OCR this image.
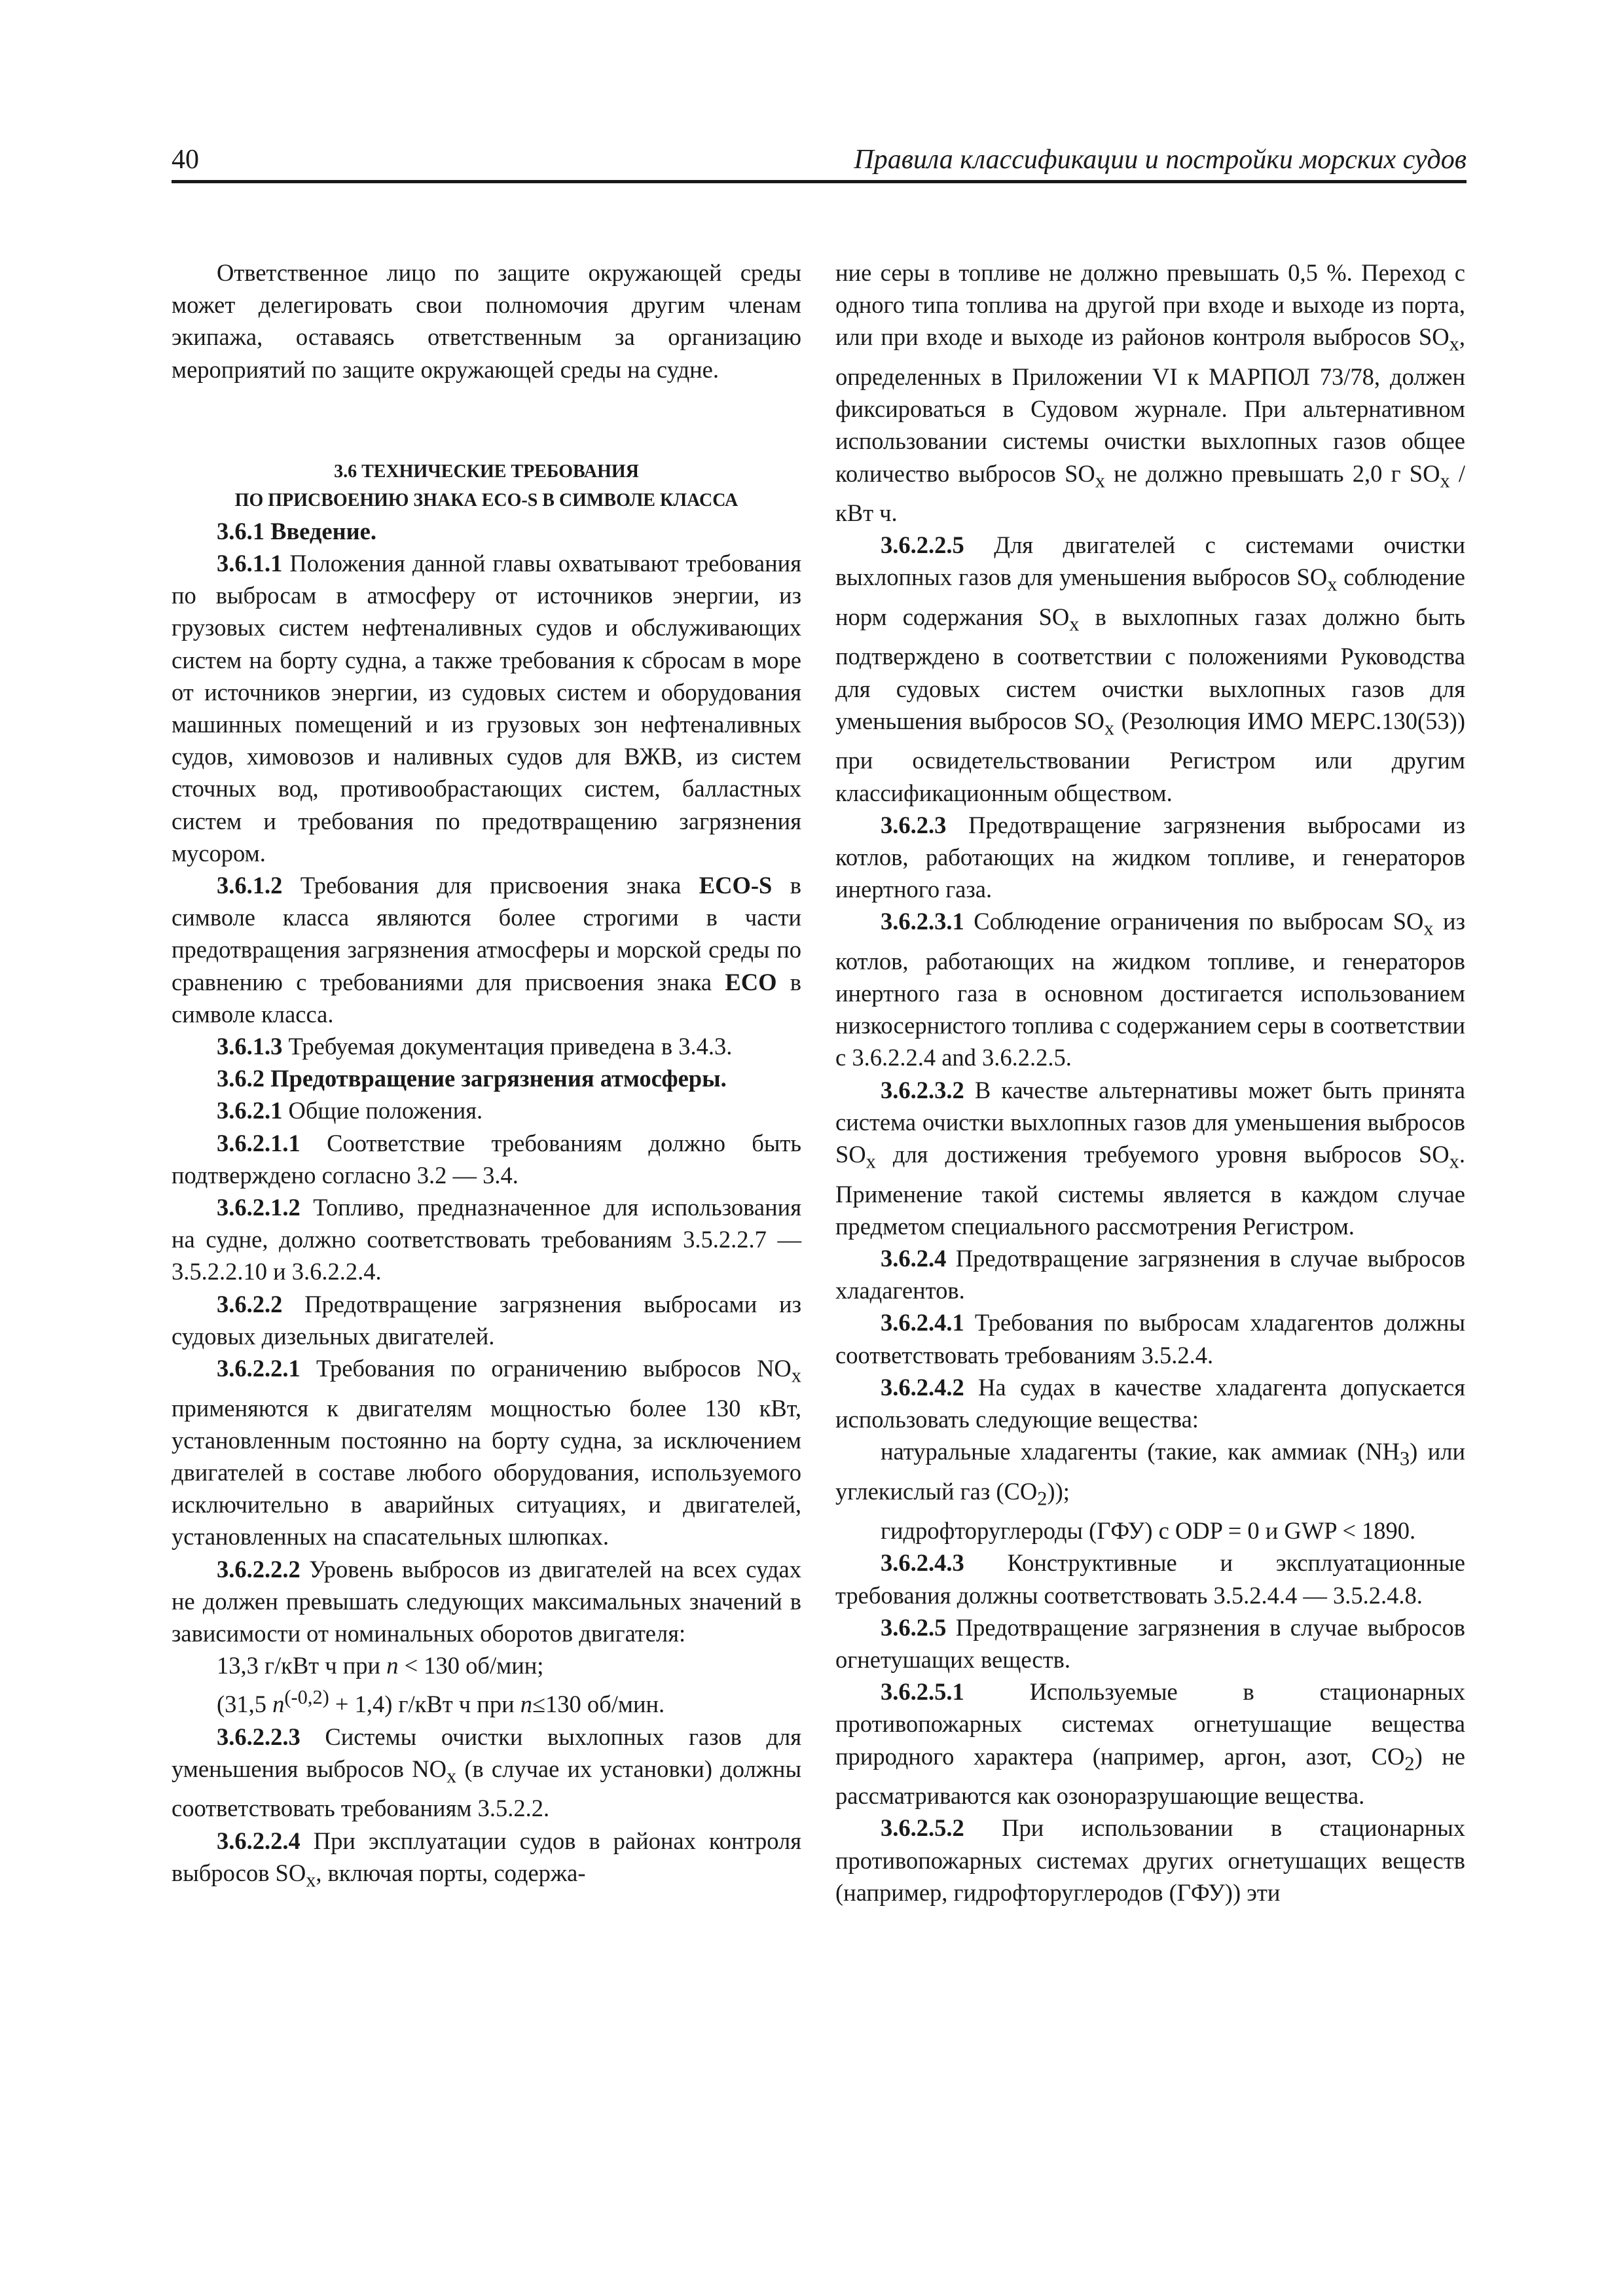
40	Правила классификации и постройки морских судов

Ответственное лицо по защите окружающей среды может делегировать свои полномочия другим членам экипажа, оставаясь ответственным за организацию мероприятий по защите окружающей среды на судне.

3.6 ТЕХНИЧЕСКИЕ ТРЕБОВАНИЯ

ПО ПРИСВОЕНИЮ ЗНАКА ECO-S В СИМВОЛЕ КЛАССА

3.6.1 Введение.

3.6.1.1 Положения данной главы охватывают требования по выбросам в атмосферу от источников энергии, из грузовых систем нефтеналивных судов и обслуживающих систем на борту судна, а также требования к сбросам в море от источников энергии, из судовых систем и оборудования машинных помещений и из грузовых зон нефтеналивных судов, химовозов и наливных судов для ВЖВ, из систем сточных вод, противообрастающих систем, балластных систем и требования по предотвращению загрязнения мусором.

3.6.1.2 Требования для присвоения знака ECO-S в символе класса являются более строгими в части предотвращения загрязнения атмосферы и морской среды по сравнению с требованиями для присвоения знака ECO в символе класса.

3.6.1.3 Требуемая документация приведена в 3.4.3.

3.6.2 Предотвращение загрязнения атмосферы.

3.6.2.1 Общие положения.

3.6.2.1.1 Соответствие требованиям должно быть подтверждено согласно 3.2 — 3.4.

3.6.2.1.2 Топливо, предназначенное для использования на судне, должно соответствовать требованиям 3.5.2.2.7 — 3.5.2.2.10 и 3.6.2.2.4.

3.6.2.2 Предотвращение загрязнения выбросами из судовых дизельных двигателей.

3.6.2.2.1 Требования по ограничению выбросов $NO_x$ применяются к двигателям мощностью более 130 кВт, установленным постоянно на борту судна, за исключением двигателей в составе любого оборудования, используемого исключительно в аварийных ситуациях, и двигателей, установленных на спасательных шлюпках.

3.6.2.2.2 Уровень выбросов из двигателей на всех судах не должен превышать следующих максимальных значений в зависимости от номинальных оборотов двигателя:

13,3 г/кВт ч при n < 130 об/мин;

(31,5 $n^{(-0,2)} + 1,4$) г/кВт ч при n≤130 об/мин.

3.6.2.2.3 Системы очистки выхлопных газов для уменьшения выбросов $NO_x$ (в случае их установки) должны соответствовать требованиям 3.5.2.2.

3.6.2.2.4 При эксплуатации судов в районах контроля выбросов $SO_x$, включая порты, содержа-

ние серы в топливе не должно превышать 0,5 %. Переход с одного типа топлива на другой при входе и выходе из порта, или при входе и выходе из районов контроля выбросов $SO_x$, определенных в Приложении VI к МАРПОЛ 73/78, должен фиксироваться в Судовом журнале. При альтернативном использовании системы очистки выхлопных газов общее количество выбросов $SO_x$ не должно превышать 2,0 г $SO_x$ / кВт ч.

3.6.2.2.5 Для двигателей с системами очистки выхлопных газов для уменьшения выбросов $SO_x$ соблюдение норм содержания $SO_x$ в выхлопных газах должно быть подтверждено в соответствии с положениями Руководства для судовых систем очистки выхлопных газов для уменьшения выбросов $SO_x$ (Резолюция ИМО МЕРС.130(53)) при освидетельствовании Регистром или другим классификационным обществом.

3.6.2.3 Предотвращение загрязнения выбросами из котлов, работающих на жидком топливе, и генераторов инертного газа.

3.6.2.3.1 Соблюдение ограничения по выбросам $SO_x$ из котлов, работающих на жидком топливе, и генераторов инертного газа в основном достигается использованием низкосернистого топлива с содержанием серы в соответствии с 3.6.2.2.4 and 3.6.2.2.5.

3.6.2.3.2 В качестве альтернативы может быть принята система очистки выхлопных газов для уменьшения выбросов $SO_x$ для достижения требуемого уровня выбросов $SO_x$. Применение такой системы является в каждом случае предметом специального рассмотрения Регистром.

3.6.2.4 Предотвращение загрязнения в случае выбросов хладагентов.

3.6.2.4.1 Требования по выбросам хладагентов должны соответствовать требованиям 3.5.2.4.

3.6.2.4.2 На судах в качестве хладагента допускается использовать следующие вещества:

натуральные хладагенты (такие, как аммиак $(NH_3)$ или углекислый газ $(CO_2)$);

гидрофторуглероды (ГФУ) с ODP = 0 и GWP < 1890.

3.6.2.4.3 Конструктивные и эксплуатационные требования должны соответствовать 3.5.2.4.4 — 3.5.2.4.8.

3.6.2.5 Предотвращение загрязнения в случае выбросов огнетушащих веществ.

3.6.2.5.1 Используемые в стационарных противопожарных системах огнетушащие вещества природного характера (например, аргон, азот, $CO_2$) не рассматриваются как озоноразрушающие вещества.

3.6.2.5.2 При использовании в стационарных противопожарных системах других огнетушащих веществ (например, гидрофторуглеродов (ГФУ)) эти
